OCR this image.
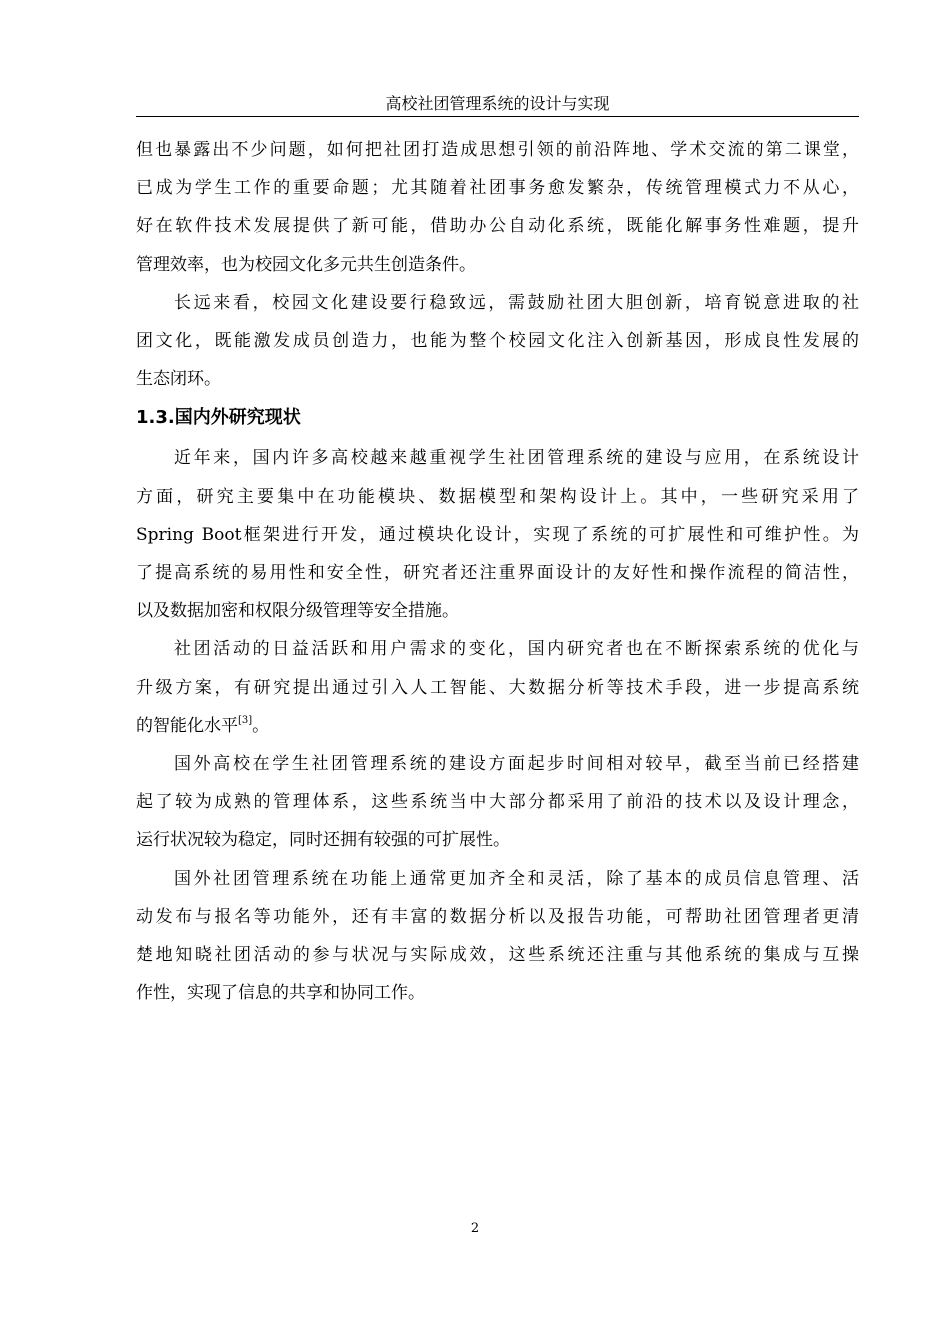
高校社团管理系统的设计与实现
但也暴露出不少问题，如何把社团打造成思想引领的前沿阵地、学术交流的第二课堂，
已成为学生工作的重要命题；尤其随着社团事务愈发繁杂，传统管理模式力不从心，
好在软件技术发展提供了新可能，借助办公自动化系统，既能化解事务性难题，提升
管理效率，也为校园文化多元共生创造条件。
长远来看，校园文化建设要行稳致远，需鼓励社团大胆创新，培育锐意进取的社
团文化，既能激发成员创造力，也能为整个校园文化注入创新基因，形成良性发展的
生态闭环。
1.3.国内外研究现状
近年来，国内许多高校越来越重视学生社团管理系统的建设与应用，在系统设计
方面，研究主要集中在功能模块、数据模型和架构设计上。其中，一些研究采用了
Spring Boot框架进行开发，通过模块化设计，实现了系统的可扩展性和可维护性。为
了提高系统的易用性和安全性，研究者还注重界面设计的友好性和操作流程的简洁性，
以及数据加密和权限分级管理等安全措施。
社团活动的日益活跃和用户需求的变化，国内研究者也在不断探索系统的优化与
升级方案，有研究提出通过引入人工智能、大数据分析等技术手段，进一步提高系统
的智能化水平[3]。
国外高校在学生社团管理系统的建设方面起步时间相对较早，截至当前已经搭建
起了较为成熟的管理体系，这些系统当中大部分都采用了前沿的技术以及设计理念，
运行状况较为稳定，同时还拥有较强的可扩展性。
国外社团管理系统在功能上通常更加齐全和灵活，除了基本的成员信息管理、活
动发布与报名等功能外，还有丰富的数据分析以及报告功能，可帮助社团管理者更清
楚地知晓社团活动的参与状况与实际成效，这些系统还注重与其他系统的集成与互操
作性，实现了信息的共享和协同工作。
2
